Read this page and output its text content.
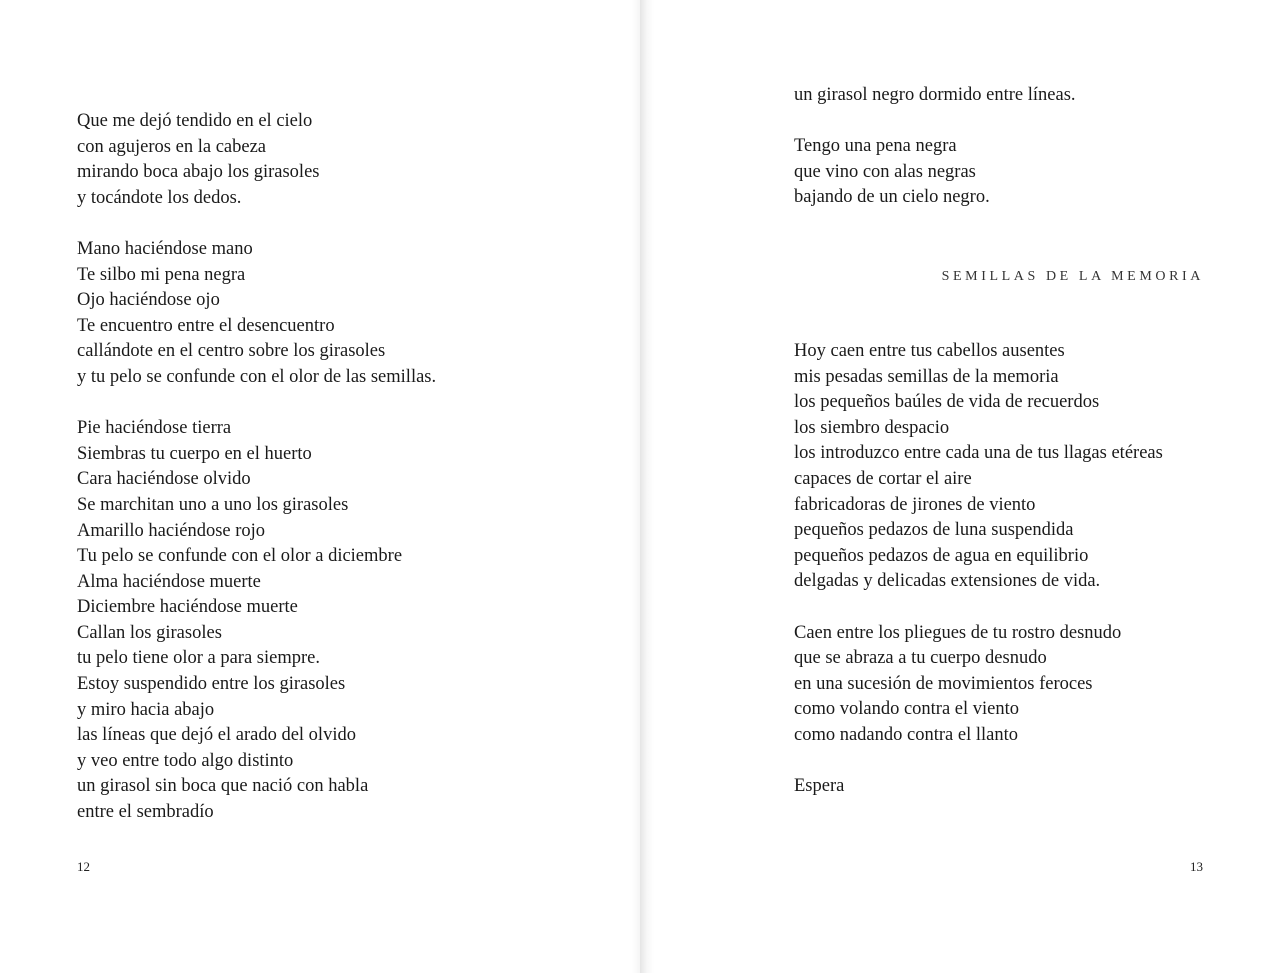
Que me dejó tendido en el cielo
con agujeros en la cabeza
mirando boca abajo los girasoles
y tocándote los dedos.
Mano haciéndose mano
Te silbo mi pena negra
Ojo haciéndose ojo
Te encuentro entre el desencuentro
callándote en el centro sobre los girasoles
y tu pelo se confunde con el olor de las semillas.
Pie haciéndose tierra
Siembras tu cuerpo en el huerto
Cara haciéndose olvido
Se marchitan uno a uno los girasoles
Amarillo haciéndose rojo
Tu pelo se confunde con el olor a diciembre
Alma haciéndose muerte
Diciembre haciéndose muerte
Callan los girasoles
tu pelo tiene olor a para siempre.
Estoy suspendido entre los girasoles
y miro hacia abajo
las líneas que dejó el arado del olvido
y veo entre todo algo distinto
un girasol sin boca que nació con habla
entre el sembradío
12	13
un girasol negro dormido entre líneas.
Tengo una pena negra
que vino con alas negras
bajando de un cielo negro.
SEMILLAS DE LA MEMORIA
Hoy caen entre tus cabellos ausentes
mis pesadas semillas de la memoria
los pequeños baúles de vida de recuerdos
los siembro despacio
los introduzco entre cada una de tus llagas etéreas
capaces de cortar el aire
fabricadoras de jirones de viento
pequeños pedazos de luna suspendida
pequeños pedazos de agua en equilibrio
delgadas y delicadas extensiones de vida.
Caen entre los pliegues de tu rostro desnudo
que se abraza a tu cuerpo desnudo
en una sucesión de movimientos feroces
como volando contra el viento
como nadando contra el llanto
Espera
